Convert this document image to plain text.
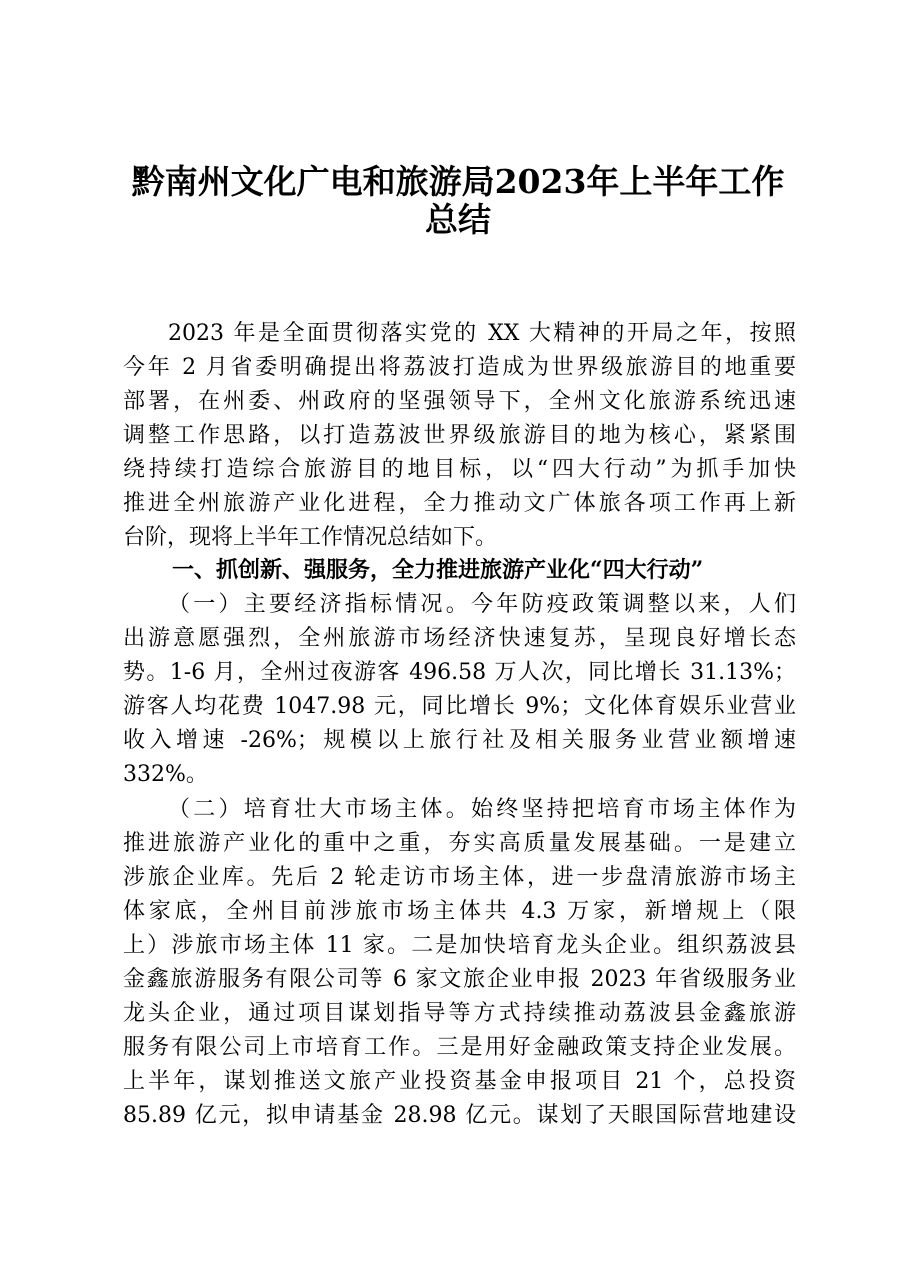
黔南州文化广电和旅游局2023年上半年工作
总结
2023 年是全面贯彻落实党的 XX 大精神的开局之年，按照
今年 2 月省委明确提出将荔波打造成为世界级旅游目的地重要
部署，在州委、州政府的坚强领导下，全州文化旅游系统迅速
调整工作思路，以打造荔波世界级旅游目的地为核心，紧紧围
绕持续打造综合旅游目的地目标，以“四大行动”为抓手加快
推进全州旅游产业化进程，全力推动文广体旅各项工作再上新
台阶，现将上半年工作情况总结如下。
一、抓创新、强服务，全力推进旅游产业化“四大行动”
（一）主要经济指标情况。今年防疫政策调整以来，人们
出游意愿强烈，全州旅游市场经济快速复苏，呈现良好增长态
势。1-6 月，全州过夜游客 496.58 万人次，同比增长 31.13%；
游客人均花费 1047.98 元，同比增长 9%；文化体育娱乐业营业
收入增速 -26%；规模以上旅行社及相关服务业营业额增速
332%。
（二）培育壮大市场主体。始终坚持把培育市场主体作为
推进旅游产业化的重中之重，夯实高质量发展基础。一是建立
涉旅企业库。先后 2 轮走访市场主体，进一步盘清旅游市场主
体家底，全州目前涉旅市场主体共 4.3 万家，新增规上（限
上）涉旅市场主体 11 家。二是加快培育龙头企业。组织荔波县
金鑫旅游服务有限公司等 6 家文旅企业申报 2023 年省级服务业
龙头企业，通过项目谋划指导等方式持续推动荔波县金鑫旅游
服务有限公司上市培育工作。三是用好金融政策支持企业发展。
上半年，谋划推送文旅产业投资基金申报项目 21 个，总投资
85.89 亿元，拟申请基金 28.98 亿元。谋划了天眼国际营地建设
